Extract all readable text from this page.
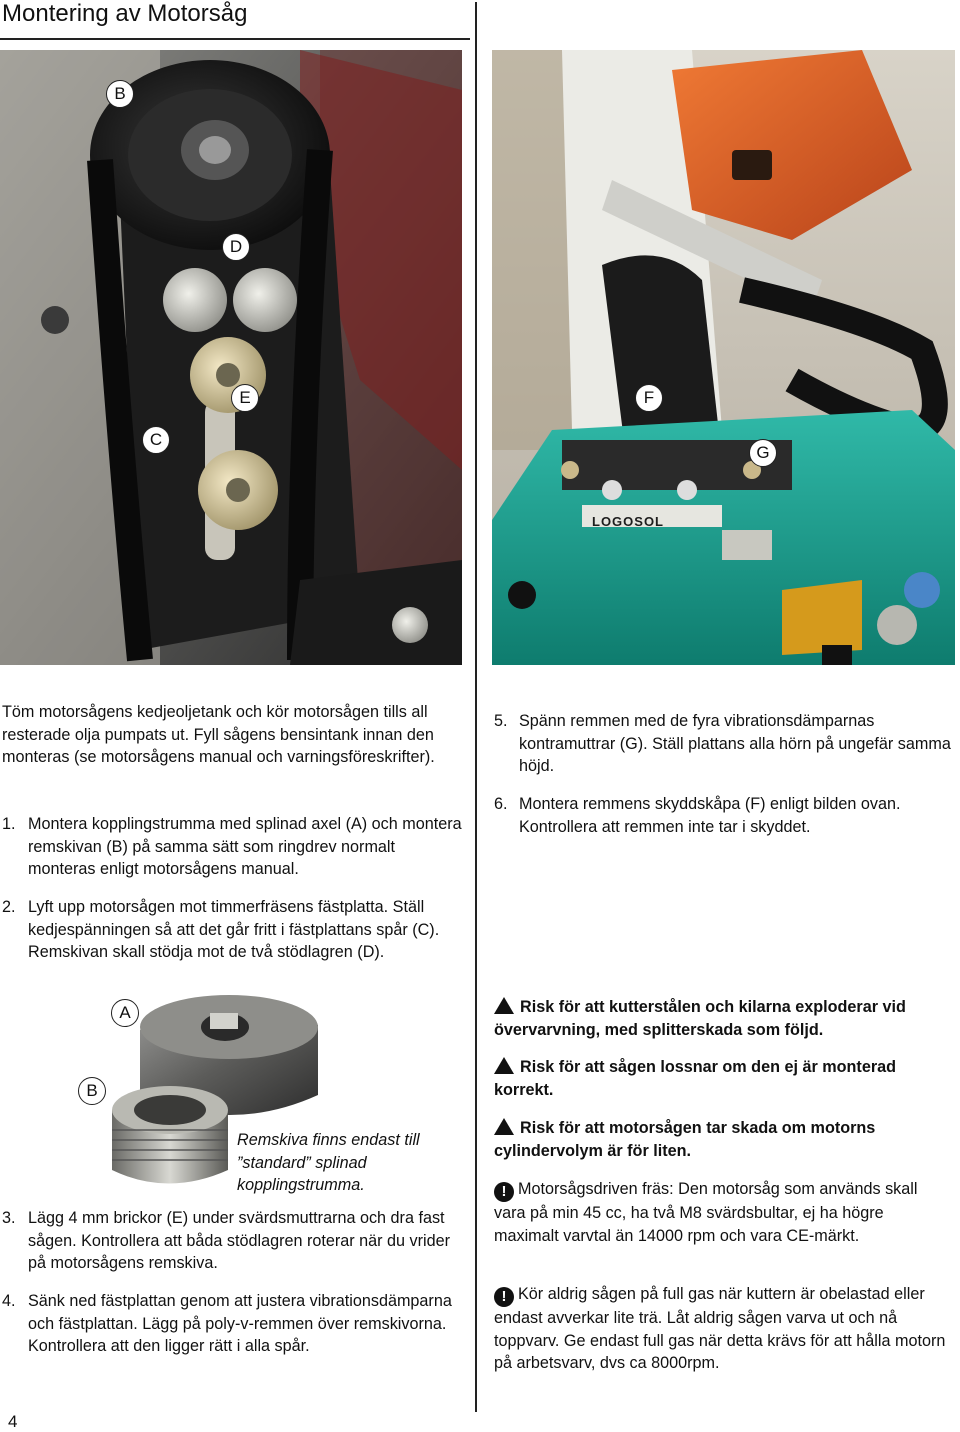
Montering av Motorsåg
B
D
E
C
LOGOSOL
F
G
Töm motorsågens kedjeoljetank och kör motorsågen tills all resterade olja pumpats ut. Fyll sågens bensintank innan den monteras (se motorsågens manual och varningsföreskrifter).
1. Montera kopplingstrumma med splinad axel (A) och montera remskivan (B) på samma sätt som ringdrev normalt monteras enligt motorsågens manual.
2. Lyft upp motorsågen mot timmerfräsens fästplatta. Ställ kedjespänningen så att det går fritt i fästplattans spår (C). Remskivan skall stödja mot de två stödlagren (D).
A
B
Remskiva finns endast till ”standard” splinad kopplingstrumma.
3. Lägg 4 mm brickor (E) under svärdsmuttrarna och dra fast sågen. Kontrollera att båda stödlagren roterar när du vrider på motorsågens remskiva.
4. Sänk ned fästplattan genom att justera vibrationsdämparna och fästplattan. Lägg på poly-v-remmen över remskivorna. Kontrollera att den ligger rätt i alla spår.
4
5. Spänn remmen med de fyra vibrationsdämparnas kontramuttrar (G). Ställ plattans alla hörn på ungefär samma höjd.
6. Montera remmens skyddskåpa (F) enligt bilden ovan. Kontrollera att remmen inte tar i skyddet.
Risk för att kutterstålen och kilarna exploderar vid övervarvning, med splitterskada som följd.
Risk för att sågen lossnar om den ej är monterad korrekt.
Risk för att motorsågen tar skada om motorns cylindervolym är för liten.
! Motorsågsdriven fräs: Den motorsåg som används skall vara på min 45 cc, ha två M8 svärdsbultar, ej ha högre maximalt varvtal än 14000 rpm och vara CE-märkt.
! Kör aldrig sågen på full gas när kuttern är obelastad eller endast avverkar lite trä. Låt aldrig sågen varva ut och nå toppvarv. Ge endast full gas när detta krävs för att hålla motorn på arbetsvarv, dvs ca 8000rpm.
